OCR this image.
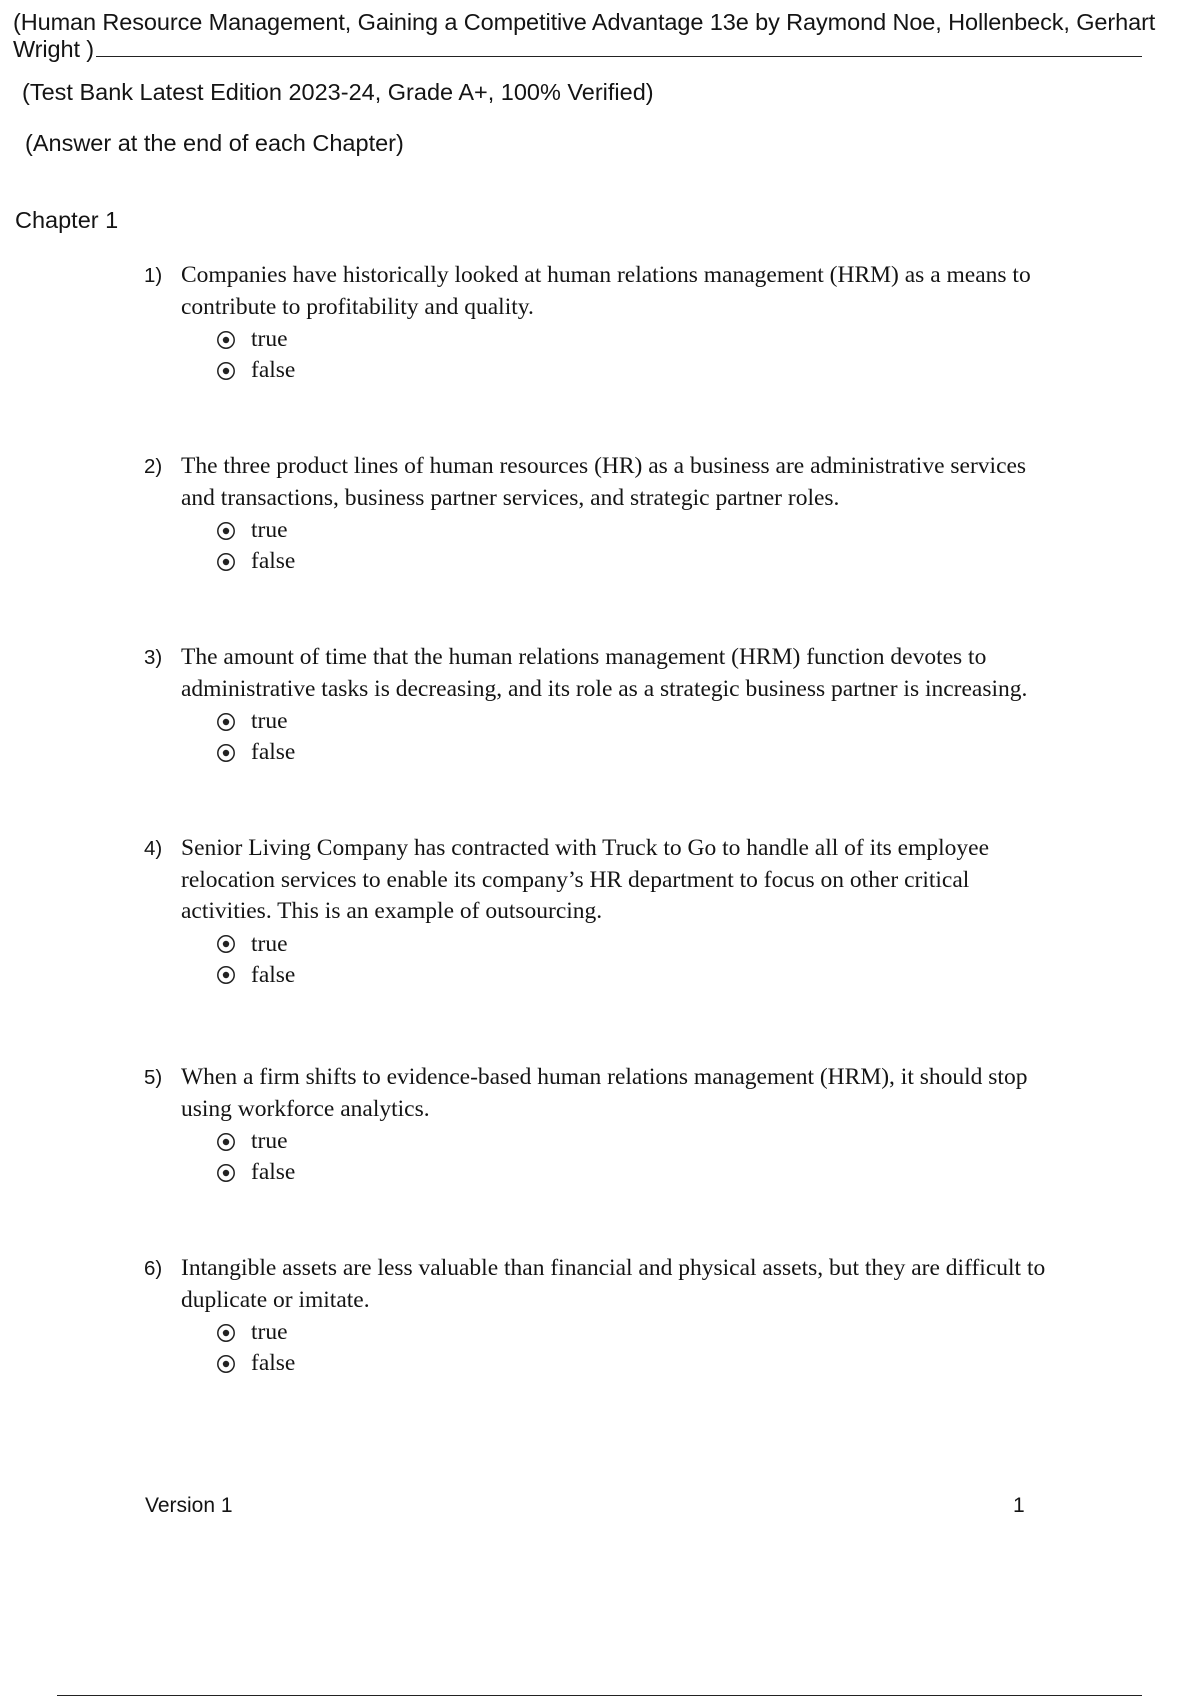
(Human Resource Management, Gaining a Competitive Advantage 13e by Raymond Noe, Hollenbeck, Gerhart Wright )
(Test Bank Latest Edition 2023-24, Grade A+, 100% Verified)
(Answer at the end of each Chapter)
Chapter 1
1) Companies have historically looked at human relations management (HRM) as a means to contribute to profitability and quality.

true
false
2) The three product lines of human resources (HR) as a business are administrative services and transactions, business partner services, and strategic partner roles.

true
false
3) The amount of time that the human relations management (HRM) function devotes to administrative tasks is decreasing, and its role as a strategic business partner is increasing.

true
false
4) Senior Living Company has contracted with Truck to Go to handle all of its employee relocation services to enable its company’s HR department to focus on other critical activities. This is an example of outsourcing.

true
false
5) When a firm shifts to evidence-based human relations management (HRM), it should stop using workforce analytics.

true
false
6) Intangible assets are less valuable than financial and physical assets, but they are difficult to duplicate or imitate.

true
false
Version 1	1
